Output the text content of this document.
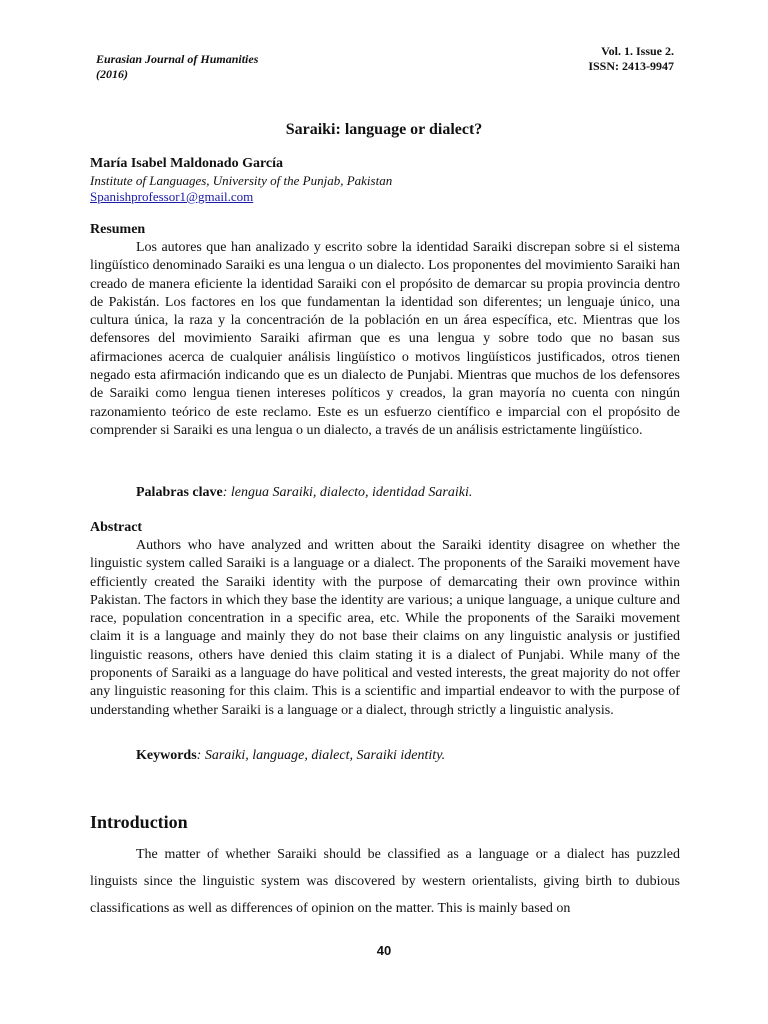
Eurasian Journal of Humanities
(2016)
Vol. 1. Issue 2.
ISSN: 2413-9947
Saraiki: language or dialect?
María Isabel Maldonado García
Institute of Languages, University of the Punjab, Pakistan
Spanishprofessor1@gmail.com
Resumen

Los autores que han analizado y escrito sobre la identidad Saraiki discrepan sobre si el sistema lingüístico denominado Saraiki es una lengua o un dialecto. Los proponentes del movimiento Saraiki han creado de manera eficiente la identidad Saraiki con el propósito de demarcar su propia provincia dentro de Pakistán. Los factores en los que fundamentan la identidad son diferentes; un lenguaje único, una cultura única, la raza y la concentración de la población en un área específica, etc. Mientras que los defensores del movimiento Saraiki afirman que es una lengua y sobre todo que no basan sus afirmaciones acerca de cualquier análisis lingüístico o motivos lingüísticos justificados, otros tienen negado esta afirmación indicando que es un dialecto de Punjabi. Mientras que muchos de los defensores de Saraiki como lengua tienen intereses políticos y creados, la gran mayoría no cuenta con ningún razonamiento teórico de este reclamo. Este es un esfuerzo científico e imparcial con el propósito de comprender si Saraiki es una lengua o un dialecto, a través de un análisis estrictamente lingüístico.

Palabras clave: lengua Saraiki, dialecto, identidad Saraiki.
Abstract

Authors who have analyzed and written about the Saraiki identity disagree on whether the linguistic system called Saraiki is a language or a dialect. The proponents of the Saraiki movement have efficiently created the Saraiki identity with the purpose of demarcating their own province within Pakistan. The factors in which they base the identity are various; a unique language, a unique culture and race, population concentration in a specific area, etc. While the proponents of the Saraiki movement claim it is a language and mainly they do not base their claims on any linguistic analysis or justified linguistic reasons, others have denied this claim stating it is a dialect of Punjabi. While many of the proponents of Saraiki as a language do have political and vested interests, the great majority do not offer any linguistic reasoning for this claim. This is a scientific and impartial endeavor to with the purpose of understanding whether Saraiki is a language or a dialect, through strictly a linguistic analysis.

Keywords: Saraiki, language, dialect, Saraiki identity.
Introduction

The matter of whether Saraiki should be classified as a language or a dialect has puzzled linguists since the linguistic system was discovered by western orientalists, giving birth to dubious classifications as well as differences of opinion on the matter. This is mainly based on

40
